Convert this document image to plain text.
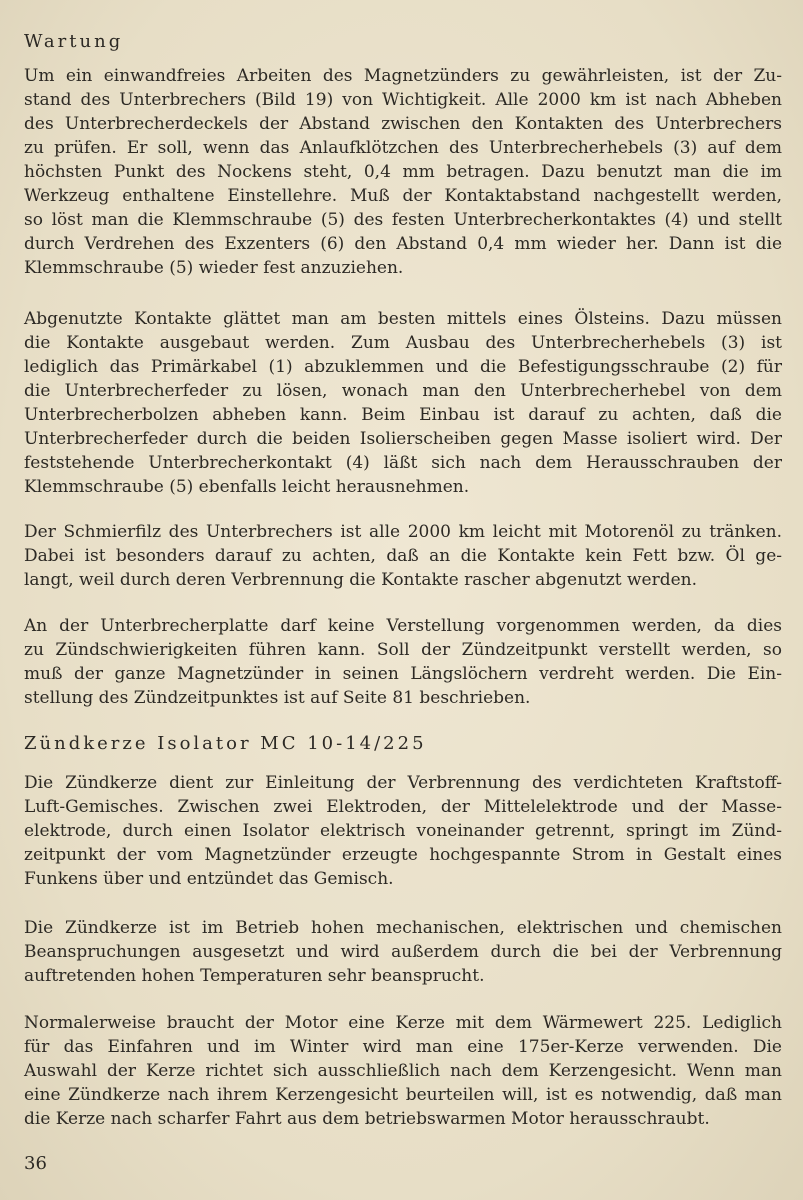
Wartung
Um ein einwandfreies Arbeiten des Magnetzünders zu gewährleisten, ist der Zu-
stand des Unterbrechers (Bild 19) von Wichtigkeit. Alle 2000 km ist nach Abheben
des Unterbrecherdeckels der Abstand zwischen den Kontakten des Unterbrechers
zu prüfen. Er soll, wenn das Anlaufklötzchen des Unterbrecherhebels (3) auf dem
höchsten Punkt des Nockens steht, 0,4 mm betragen. Dazu benutzt man die im
Werkzeug enthaltene Einstellehre. Muß der Kontaktabstand nachgestellt werden,
so löst man die Klemmschraube (5) des festen Unterbrecherkontaktes (4) und stellt
durch Verdrehen des Exzenters (6) den Abstand 0,4 mm wieder her. Dann ist die
Klemmschraube (5) wieder fest anzuziehen.
Abgenutzte Kontakte glättet man am besten mittels eines Ölsteins. Dazu müssen
die Kontakte ausgebaut werden. Zum Ausbau des Unterbrecherhebels (3) ist
lediglich das Primärkabel (1) abzuklemmen und die Befestigungsschraube (2) für
die Unterbrecherfeder zu lösen, wonach man den Unterbrecherhebel von dem
Unterbrecherbolzen abheben kann. Beim Einbau ist darauf zu achten, daß die
Unterbrecherfeder durch die beiden Isolierscheiben gegen Masse isoliert wird. Der
feststehende Unterbrecherkontakt (4) läßt sich nach dem Herausschrauben der
Klemmschraube (5) ebenfalls leicht herausnehmen.
Der Schmierfilz des Unterbrechers ist alle 2000 km leicht mit Motorenöl zu tränken.
Dabei ist besonders darauf zu achten, daß an die Kontakte kein Fett bzw. Öl ge-
langt, weil durch deren Verbrennung die Kontakte rascher abgenutzt werden.
An der Unterbrecherplatte darf keine Verstellung vorgenommen werden, da dies
zu Zündschwierigkeiten führen kann. Soll der Zündzeitpunkt verstellt werden, so
muß der ganze Magnetzünder in seinen Längslöchern verdreht werden. Die Ein-
stellung des Zündzeitpunktes ist auf Seite 81 beschrieben.
Zündkerze Isolator MC 10-14/225
Die Zündkerze dient zur Einleitung der Verbrennung des verdichteten Kraftstoff-
Luft-Gemisches. Zwischen zwei Elektroden, der Mittelelektrode und der Masse-
elektrode, durch einen Isolator elektrisch voneinander getrennt, springt im Zünd-
zeitpunkt der vom Magnetzünder erzeugte hochgespannte Strom in Gestalt eines
Funkens über und entzündet das Gemisch.
Die Zündkerze ist im Betrieb hohen mechanischen, elektrischen und chemischen
Beanspruchungen ausgesetzt und wird außerdem durch die bei der Verbrennung
auftretenden hohen Temperaturen sehr beansprucht.
Normalerweise braucht der Motor eine Kerze mit dem Wärmewert 225. Lediglich
für das Einfahren und im Winter wird man eine 175er-Kerze verwenden. Die
Auswahl der Kerze richtet sich ausschließlich nach dem Kerzengesicht. Wenn man
eine Zündkerze nach ihrem Kerzengesicht beurteilen will, ist es notwendig, daß man
die Kerze nach scharfer Fahrt aus dem betriebswarmen Motor herausschraubt.
36
